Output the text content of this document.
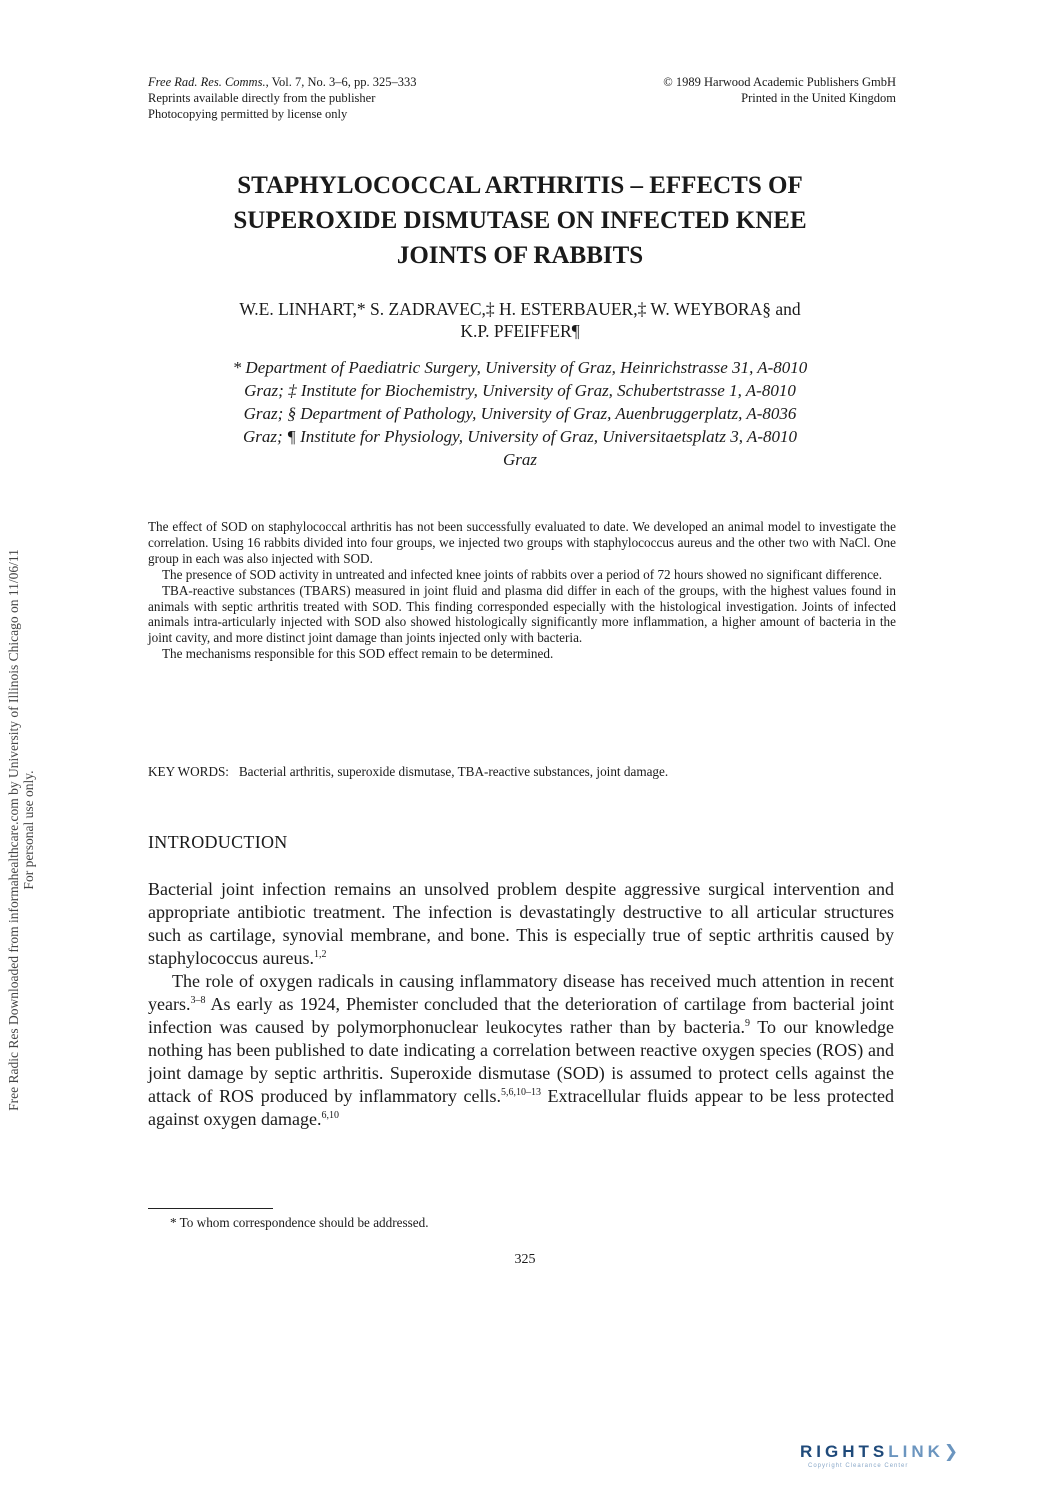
Free Rad. Res. Comms., Vol. 7, No. 3–6, pp. 325–333
Reprints available directly from the publisher
Photocopying permitted by license only
© 1989 Harwood Academic Publishers GmbH
Printed in the United Kingdom
STAPHYLOCOCCAL ARTHRITIS – EFFECTS OF
SUPEROXIDE DISMUTASE ON INFECTED KNEE
JOINTS OF RABBITS
W.E. LINHART,* S. ZADRAVEC,‡ H. ESTERBAUER,‡ W. WEYBORA§ and
K.P. PFEIFFER¶
* Department of Paediatric Surgery, University of Graz, Heinrichstrasse 31, A-8010
Graz; ‡ Institute for Biochemistry, University of Graz, Schubertstrasse 1, A-8010
Graz; § Department of Pathology, University of Graz, Auenbruggerplatz, A-8036
Graz; ¶ Institute for Physiology, University of Graz, Universitaetsplatz 3, A-8010
Graz

The effect of SOD on staphylococcal arthritis has not been successfully evaluated to date. We developed an animal model to investigate the correlation. Using 16 rabbits divided into four groups, we injected two groups with staphylococcus aureus and the other two with NaCl. One group in each was also injected with SOD.

The presence of SOD activity in untreated and infected knee joints of rabbits over a period of 72 hours showed no significant difference.

TBA-reactive substances (TBARS) measured in joint fluid and plasma did differ in each of the groups, with the highest values found in animals with septic arthritis treated with SOD. This finding corresponded especially with the histological investigation. Joints of infected animals intra-articularly injected with SOD also showed histologically significantly more inflammation, a higher amount of bacteria in the joint cavity, and more distinct joint damage than joints injected only with bacteria.

The mechanisms responsible for this SOD effect remain to be determined.

KEY WORDS: Bacterial arthritis, superoxide dismutase, TBA-reactive substances, joint damage.
INTRODUCTION

Bacterial joint infection remains an unsolved problem despite aggressive surgical intervention and appropriate antibiotic treatment. The infection is devastatingly destructive to all articular structures such as cartilage, synovial membrane, and bone. This is especially true of septic arthritis caused by staphylococcus aureus.$^{1,2}$

The role of oxygen radicals in causing inflammatory disease has received much attention in recent years.$^{3-8}$ As early as 1924, Phemister concluded that the deterioration of cartilage from bacterial joint infection was caused by polymorphonuclear leukocytes rather than by bacteria.$^9$ To our knowledge nothing has been published to date indicating a correlation between reactive oxygen species (ROS) and joint damage by septic arthritis. Superoxide dismutase (SOD) is assumed to protect cells against the attack of ROS produced by inflammatory cells.$^{5,6,10-13}$ Extracellular fluids appear to be less protected against oxygen damage.$^{6,10}$

* To whom correspondence should be addressed.
325
Free Radic Res Downloaded from informahealthcare.com by University of Illinois Chicago on 11/06/11 For personal use only.
RIGHTSLINK❯
Copyright Clearance Center
